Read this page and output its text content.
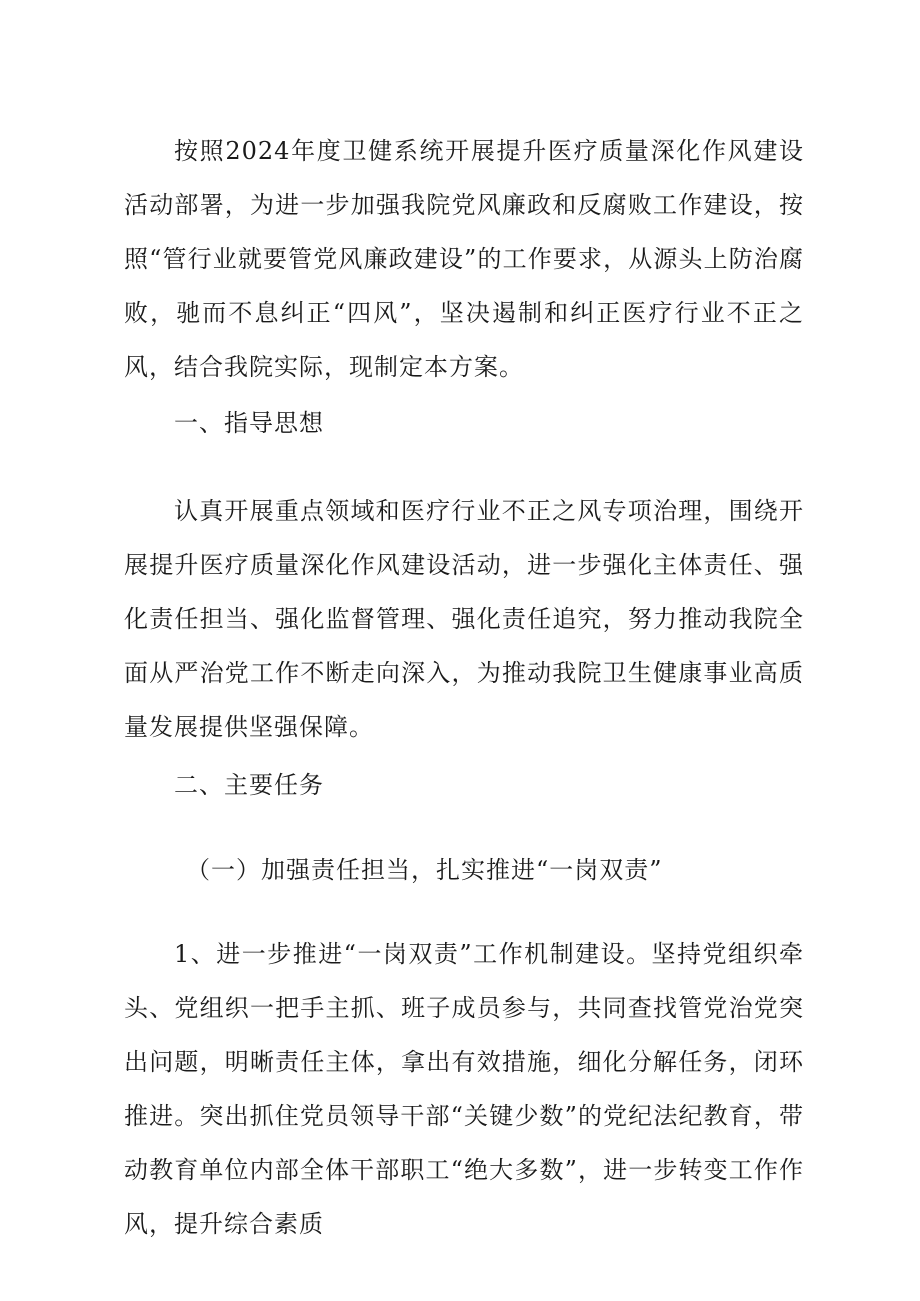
按照2024年度卫健系统开展提升医疗质量深化作风建设活动部署，为进一步加强我院党风廉政和反腐败工作建设，按照“管行业就要管党风廉政建设”的工作要求，从源头上防治腐败，驰而不息纠正“四风”，坚决遏制和纠正医疗行业不正之风，结合我院实际，现制定本方案。

一、指导思想

认真开展重点领域和医疗行业不正之风专项治理，围绕开展提升医疗质量深化作风建设活动，进一步强化主体责任、强化责任担当、强化监督管理、强化责任追究，努力推动我院全面从严治党工作不断走向深入，为推动我院卫生健康事业高质量发展提供坚强保障。

二、主要任务

（一）加强责任担当，扎实推进“一岗双责”

1、进一步推进“一岗双责”工作机制建设。坚持党组织牵头、党组织一把手主抓、班子成员参与，共同查找管党治党突出问题，明晰责任主体，拿出有效措施，细化分解任务，闭环推进。突出抓住党员领导干部“关键少数”的党纪法纪教育，带动教育单位内部全体干部职工“绝大多数”，进一步转变工作作风，提升综合素质
